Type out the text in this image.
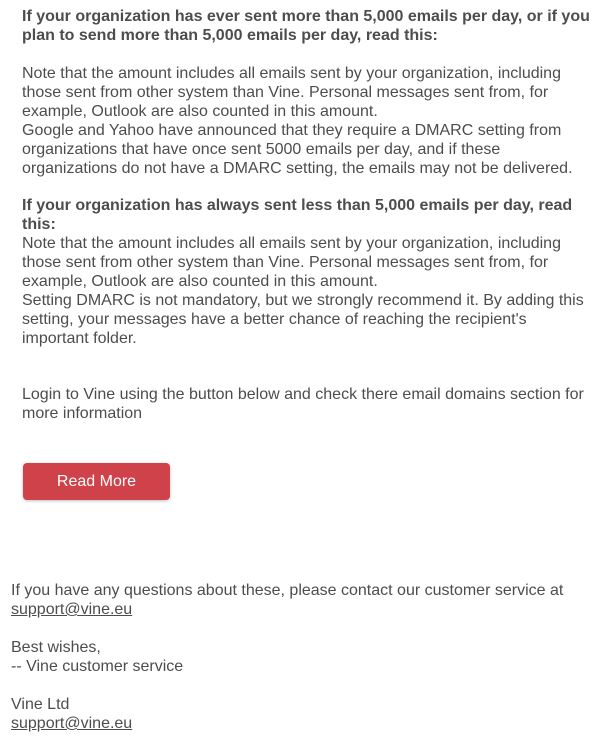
If your organization has ever sent more than 5,000 emails per day, or if you plan to send more than 5,000 emails per day, read this:

Note that the amount includes all emails sent by your organization, including those sent from other system than Vine. Personal messages sent from, for example, Outlook are also counted in this amount.

Google and Yahoo have announced that they require a DMARC setting from organizations that have once sent 5000 emails per day, and if these organizations do not have a DMARC setting, the emails may not be delivered.

If your organization has always sent less than 5,000 emails per day, read this:

Note that the amount includes all emails sent by your organization, including those sent from other system than Vine. Personal messages sent from, for example, Outlook are also counted in this amount.

Setting DMARC is not mandatory, but we strongly recommend it. By adding this setting, your messages have a better chance of reaching the recipient's important folder.

Login to Vine using the button below and check there email domains section for more information

Read More

If you have any questions about these, please contact our customer service at

support@vine.eu

Best wishes,

-- Vine customer service

Vine Ltd

support@vine.eu
